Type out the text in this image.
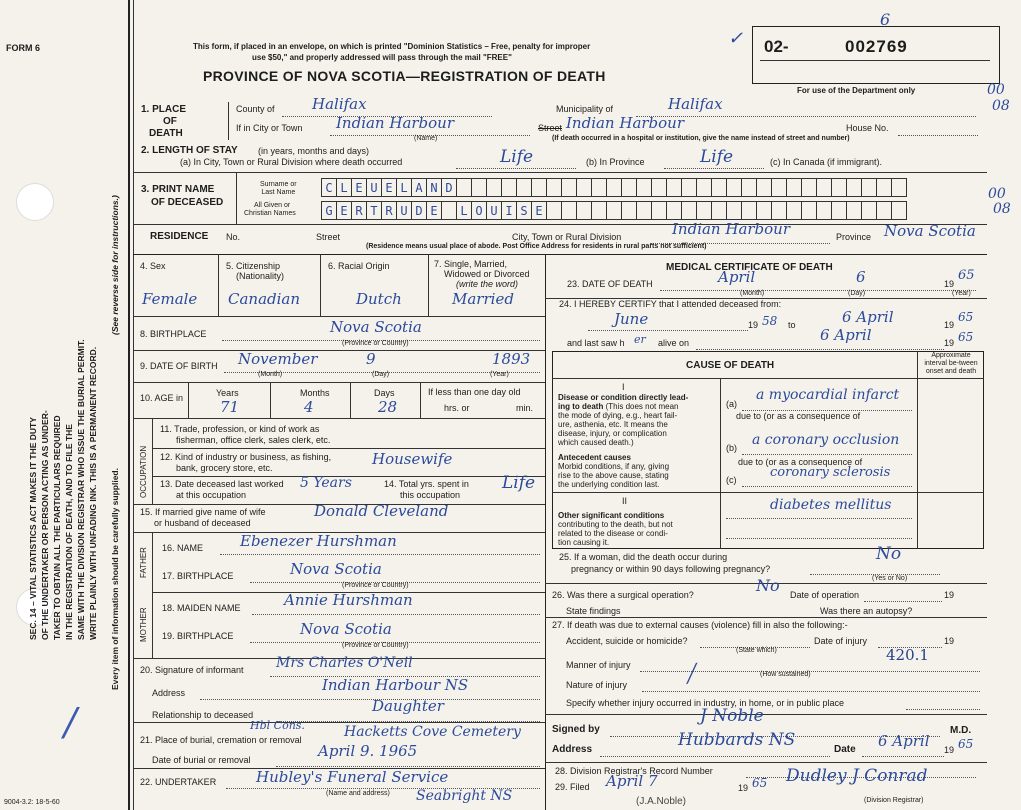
FORM 6
9004-3.2: 18-5-60
SEC. 14 – VITAL STATISTICS ACT MAKES IT THE DUTY OF THE UNDERTAKER OR PERSON ACTING AS UNDER- TAKER TO OBTAIN ALL THE PARTICULARS REQUIRED IN THE REGISTRATION OF DEATH, AND TO FILE THE SAME WITH THE DIVISION REGISTRAR WHO ISSUE THE BURIAL PERMIT. WRITE PLAINLY WITH UNFADING INK. THIS IS A PERMANENT RECORD.
(See reverse side for instructions.)
Every item of information should be carefully supplied.
/
This form, if placed in an envelope, on which is printed "Dominion Statistics – Free, penalty for improper
use $50," and properly addressed will pass through the mail "FREE"
PROVINCE OF NOVA SCOTIA—REGISTRATION OF DEATH
02-	002769
6
For use of the Department only
✓
00
08
00
08
1. PLACE
OF
DEATH
County of Halifax	Municipality of	Halifax
If in City or Town Indian Harbour	Street Indian Harbour	House No.
(Name)	(If death occurred in a hospital or institution, give the name instead of street and number)
2. LENGTH OF STAY (in years, months and days)
(a) In City, Town or Rural Division where death occurred	Life	(b) In Province	Life	(c) In Canada (if immigrant).
3. PRINT NAME
OF DECEASED
Surname or
Last Name
All Given or
Christian Names
C L E U E L A N D
G E R T R U D E	L O U I S E
RESIDENCE No.	Street	City, Town or Rural Division	Indian Harbour	Province Nova Scotia
(Residence means usual place of abode. Post Office Address for residents in rural parts not sufficient)
4. Sex
Female
5. Citizenship
(Nationality)
Canadian
6. Racial Origin
Dutch
7. Single, Married,
Widowed or Divorced
(write the word)
Married
8. BIRTHPLACE	Nova Scotia
(Province or Country)
9. DATE OF BIRTH November	9	1893
(Month)	(Day)	(Year)
10. AGE in	Years	Months	Days
71	4	28
If less than one day old
hrs. or	min.
OCCUPATION
11. Trade, profession, or kind of work as
fisherman, office clerk, sales clerk, etc.
12. Kind of industry or business, as fishing,
bank, grocery store, etc.	Housewife
13. Date deceased last worked
at this occupation
5 Years	14. Total yrs. spent in
this occupation
Life
15. If married give name of wife
or husband of deceased
Donald Cleveland
FATHER
MOTHER
16. NAME Ebenezer Hurshman
17. BIRTHPLACE	Nova Scotia
(Province or Country)
18. MAIDEN NAME	Annie Hurshman
19. BIRTHPLACE	Nova Scotia
(Province or Country)
20. Signature of informant Mrs Charles O'Neil
Address	Indian Harbour NS
Relationship to deceased	Daughter
21. Place of burial, cremation or removal
Hbl Cons.	Hacketts Cove Cemetery
Date of burial or removal	April 9. 1965
22. UNDERTAKER	Hubley's Funeral Service
Seabright NS
(Name and address)
MEDICAL CERTIFICATE OF DEATH
23. DATE OF DEATH	April	6	19
65
(Month)	(Day)	(Year)
24. I HEREBY CERTIFY that I attended deceased from:
June	19 58 to	6 April	19
65
and last saw h er alive on	6 April	19 65
CAUSE OF DEATH
Approximate interval be-tween onset and death
I
Disease or condition directly lead-
ing to death (This does not mean
the mode of dying, e.g., heart fail-
ure, asthenia, etc. It means the
disease, injury, or complication
which caused death.)
(a)
a myocardial infarct
due to (or as a consequence of
Antecedent causes
Morbid conditions, if any, giving
rise to the above cause, stating
the underlying condition last.
(b) a coronary occlusion
due to (or as a consequence of
(c)	coronary sclerosis
II
Other significant conditions
contributing to the death, but not
related to the disease or condi-
tion causing it.
diabetes mellitus
25. If a woman, did the death occur during
pregnancy or within 90 days following pregnancy?
No
(Yes or No)
26. Was there a surgical operation?	No Date of operation	19
State findings	Was there an autopsy?
27. If death was due to external causes (violence) fill in also the following:-
Accident, suicide or homicide?	Date of injury	19
(State which)
Manner of injury
420.1
(How sustained)
Nature of injury ⁄
Specify whether injury occurred in industry, in home, or in public place
Signed by
J Noble
M.D.
Address	Hubbards NS	Date 6 April 19 65
28. Division Registrar's Record Number
29. Filed April 7	19 65 Dudley J Conrad
(Division Registrar)
(J.A.Noble)
